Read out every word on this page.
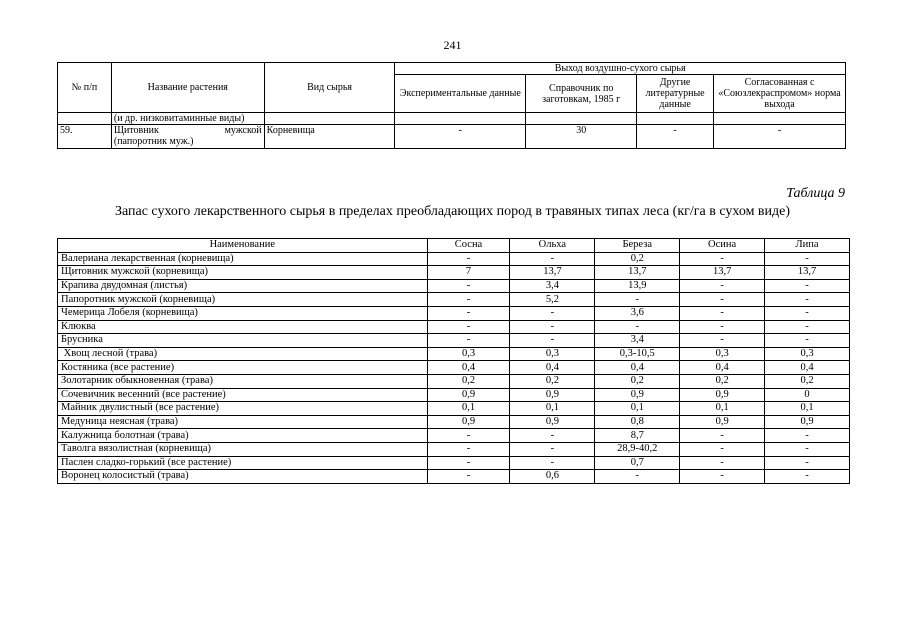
241
№ п/п	Название растения	Вид сырья	Выход воздушно-сухого сырья			
			Экспериментальные данные	Справочник по заготовкам, 1985 г	Другие литературные данные	Согласованная с «Союзлекраспромом» норма выхода
	(и др. низковитаминные виды)					
59.	Щитовник мужской
(папоротник муж.)	Корневища	-	30	-	-
Таблица 9
Запас сухого лекарственного сырья в пределах преобладающих пород в травяных типах леса (кг/га в сухом виде)
Наименование	Сосна	Ольха	Береза	Осина	Липа
Валериана лекарственная (корневища)	-	-	0,2	-	-
Щитовник мужской (корневища)	7	13,7	13,7	13,7	13,7
Крапива двудомная (листья)	-	3,4	13,9	-	-
Папоротник мужской (корневища)	-	5,2	-	-	-
Чемерица Лобеля (корневища)	-	-	3,6	-	-
Клюква	-	-	-	-	-
Брусника	-	-	3,4	-	-
Хвощ лесной (трава)	0,3	0,3	0,3-10,5	0,3	0,3
Костяника (все растение)	0,4	0,4	0,4	0,4	0,4
Золотарник обыкновенная (трава)	0,2	0,2	0,2	0,2	0,2
Сочевичник весенний (все растение)	0,9	0,9	0,9	0,9	0
Майник двулистный (все растение)	0,1	0,1	0,1	0,1	0,1
Медуница неясная (трава)	0,9	0,9	0,8	0,9	0,9
Калужница болотная (трава)	-	-	8,7	-	-
Таволга вязолистная (корневища)	-	-	28,9-40,2	-	-
Паслен сладко-горький (все растение)	-	-	0,7	-	-
Воронец колосистый (трава)	-	0,6	-	-	-
